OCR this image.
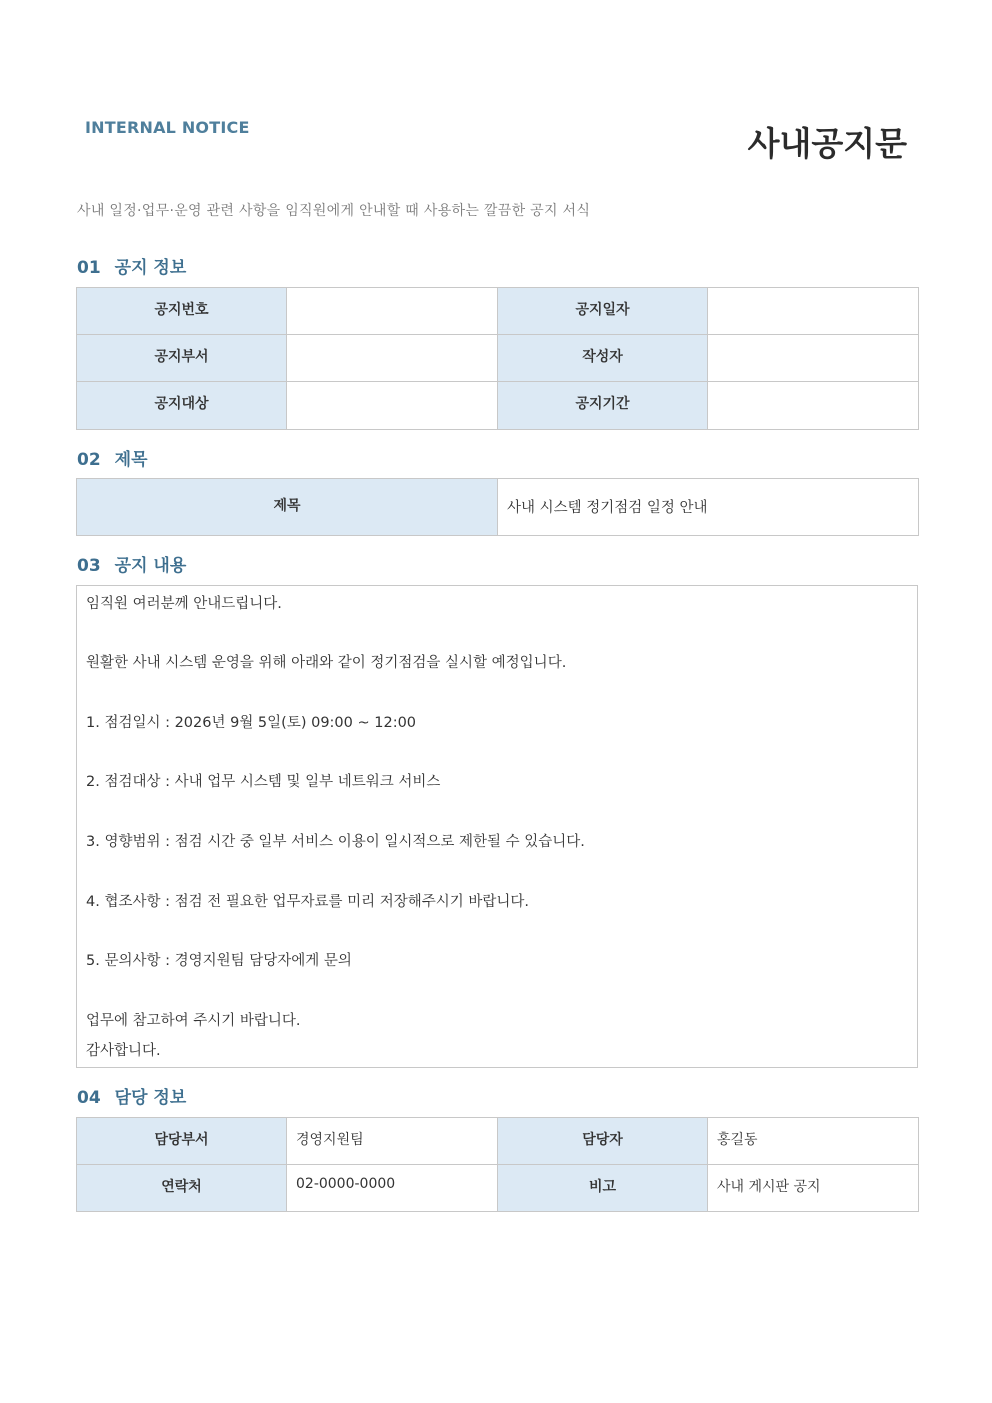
INTERNAL NOTICE	사내공지문
사내 일정·업무·운영 관련 사항을 임직원에게 안내할 때 사용하는 깔끔한 공지 서식
01 공지 정보
공지번호		공지일자	
공지부서		작성자	
공지대상		공지기간	
02 제목
제목	사내 시스템 정기점검 일정 안내
03 공지 내용

임직원 여러분께 안내드립니다.

원활한 사내 시스템 운영을 위해 아래와 같이 정기점검을 실시할 예정입니다.

1. 점검일시 : 2026년 9월 5일(토) 09:00 ~ 12:00

2. 점검대상 : 사내 업무 시스템 및 일부 네트워크 서비스

3. 영향범위 : 점검 시간 중 일부 서비스 이용이 일시적으로 제한될 수 있습니다.

4. 협조사항 : 점검 전 필요한 업무자료를 미리 저장해주시기 바랍니다.

5. 문의사항 : 경영지원팀 담당자에게 문의

업무에 참고하여 주시기 바랍니다.

감사합니다.

04 담당 정보
담당부서	경영지원팀	담당자	홍길동
연락처	02-0000-0000	비고	사내 게시판 공지
